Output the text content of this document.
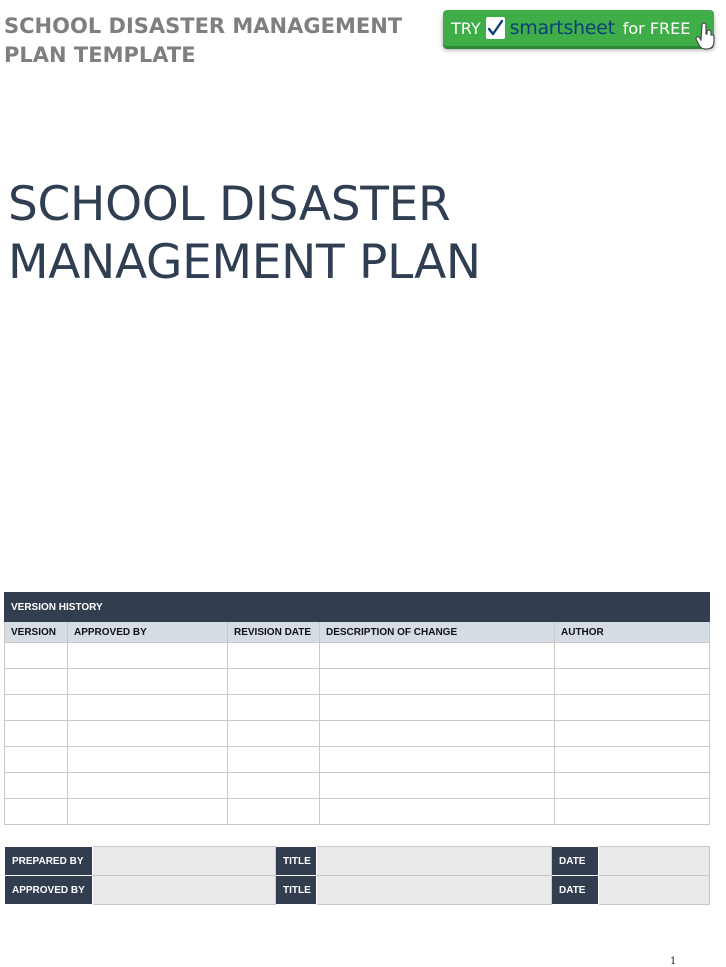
SCHOOL DISASTER MANAGEMENT
PLAN TEMPLATE
TRY smartsheet for FREE
SCHOOL DISASTER
MANAGEMENT PLAN
VERSION HISTORY				
VERSION	APPROVED BY	REVISION DATE	DESCRIPTION OF CHANGE	AUTHOR

PREPARED BY		TITLE		DATE	
APPROVED BY		TITLE		DATE	
1
